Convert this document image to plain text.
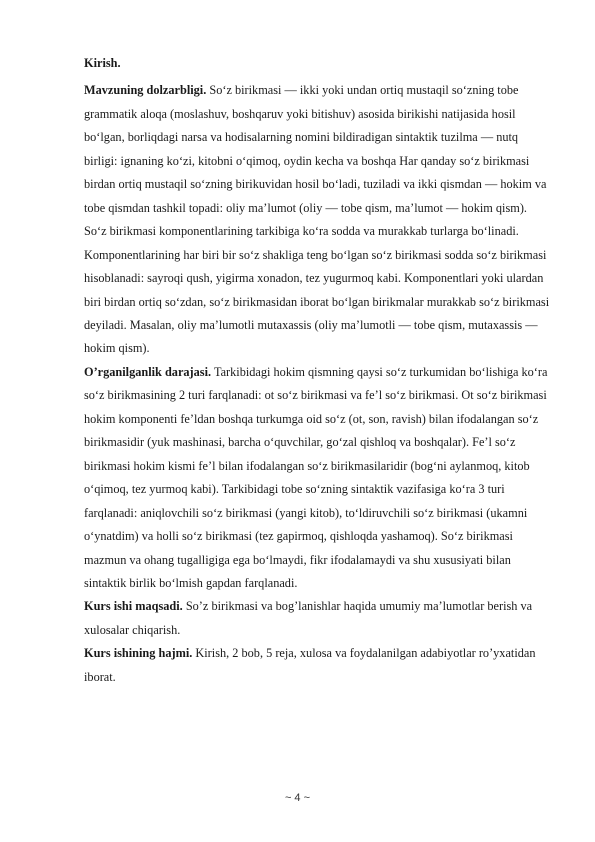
Kirish.

Mavzuning dolzarbligi. So‘z birikmasi — ikki yoki undan ortiq mustaqil so‘zning tobe grammatik aloqa (moslashuv, boshqaruv yoki bitishuv) asosida birikishi natijasida hosil bo‘lgan, borliqdagi narsa va hodisalarning nomini bildiradigan sintaktik tuzilma — nutq birligi: ignaning ko‘zi, kitobni o‘qimoq, oydin kecha va boshqa Har qanday so‘z birikmasi birdan ortiq mustaqil so‘zning birikuvidan hosil bo‘ladi, tuziladi va ikki qismdan — hokim va tobe qismdan tashkil topadi: oliy ma’lumot (oliy — tobe qism, ma’lumot — hokim qism).

So‘z birikmasi komponentlarining tarkibiga ko‘ra sodda va murakkab turlarga bo‘linadi. Komponentlarining har biri bir so‘z shakliga teng bo‘lgan so‘z birikmasi sodda so‘z birikmasi hisoblanadi: sayroqi qush, yigirma xonadon, tez yugurmoq kabi. Komponentlari yoki ulardan biri birdan ortiq so‘zdan, so‘z birikmasidan iborat bo‘lgan birikmalar murakkab so‘z birikmasi deyiladi. Masalan, oliy ma’lumotli mutaxassis (oliy ma’lumotli — tobe qism, mutaxassis — hokim qism).

O’rganilganlik darajasi. Tarkibidagi hokim qismning qaysi so‘z turkumidan bo‘lishiga ko‘ra so‘z birikmasining 2 turi farqlanadi: ot so‘z birikmasi va fe’l so‘z birikmasi. Ot so‘z birikmasi hokim komponenti fe’ldan boshqa turkumga oid so‘z (ot, son, ravish) bilan ifodalangan so‘z birikmasidir (yuk mashinasi, barcha o‘quvchilar, go‘zal qishloq va boshqalar). Fe’l so‘z birikmasi hokim kismi fe’l bilan ifodalangan so‘z birikmasilaridir (bog‘ni aylanmoq, kitob o‘qimoq, tez yurmoq kabi). Tarkibidagi tobe so‘zning sintaktik vazifasiga ko‘ra 3 turi farqlanadi: aniqlovchili so‘z birikmasi (yangi kitob), to‘ldiruvchili so‘z birikmasi (ukamni o‘ynatdim) va holli so‘z birikmasi (tez gapirmoq, qishloqda yashamoq). So‘z birikmasi mazmun va ohang tugalligiga ega bo‘lmaydi, fikr ifodalamaydi va shu xususiyati bilan sintaktik birlik bo‘lmish gapdan farqlanadi.

Kurs ishi maqsadi. So’z birikmasi va bog’lanishlar haqida umumiy ma’lumotlar berish va xulosalar chiqarish.

Kurs ishining hajmi. Kirish, 2 bob, 5 reja, xulosa va foydalanilgan adabiyotlar ro’yxatidan iborat.

~ 4 ~
